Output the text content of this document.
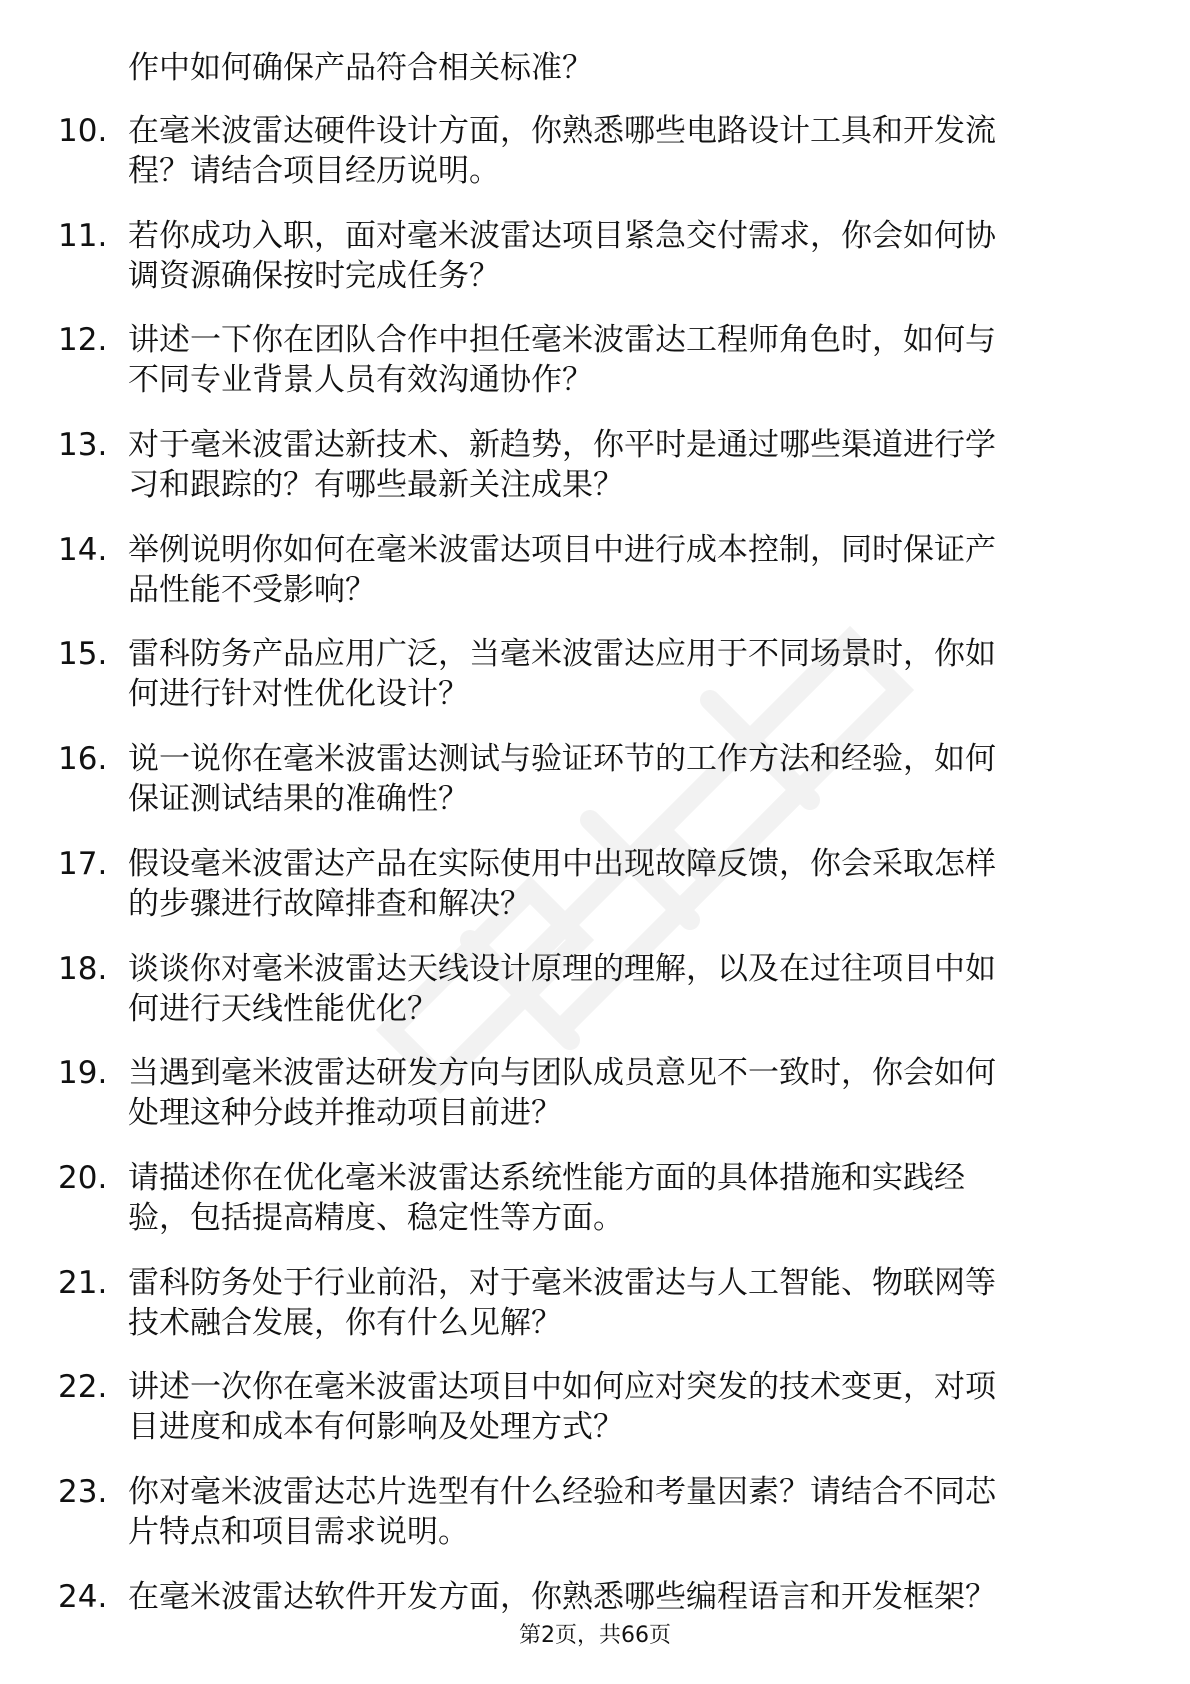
作中如何确保产品符合相关标准？
10. 在毫米波雷达硬件设计方面，你熟悉哪些电路设计工具和开发流
程？请结合项目经历说明。
11. 若你成功入职，面对毫米波雷达项目紧急交付需求，你会如何协
调资源确保按时完成任务？
12. 讲述一下你在团队合作中担任毫米波雷达工程师角色时，如何与
不同专业背景人员有效沟通协作？
13. 对于毫米波雷达新技术、新趋势，你平时是通过哪些渠道进行学
习和跟踪的？有哪些最新关注成果？
14. 举例说明你如何在毫米波雷达项目中进行成本控制，同时保证产
品性能不受影响？
15. 雷科防务产品应用广泛，当毫米波雷达应用于不同场景时，你如
何进行针对性优化设计？
16. 说一说你在毫米波雷达测试与验证环节的工作方法和经验，如何
保证测试结果的准确性？
17. 假设毫米波雷达产品在实际使用中出现故障反馈，你会采取怎样
的步骤进行故障排查和解决？
18. 谈谈你对毫米波雷达天线设计原理的理解，以及在过往项目中如
何进行天线性能优化？
19. 当遇到毫米波雷达研发方向与团队成员意见不一致时，你会如何
处理这种分歧并推动项目前进？
20. 请描述你在优化毫米波雷达系统性能方面的具体措施和实践经
验，包括提高精度、稳定性等方面。
21. 雷科防务处于行业前沿，对于毫米波雷达与人工智能、物联网等
技术融合发展，你有什么见解？
22. 讲述一次你在毫米波雷达项目中如何应对突发的技术变更，对项
目进度和成本有何影响及处理方式？
23. 你对毫米波雷达芯片选型有什么经验和考量因素？请结合不同芯
片特点和项目需求说明。
24. 在毫米波雷达软件开发方面，你熟悉哪些编程语言和开发框架？
第2页，共66页
